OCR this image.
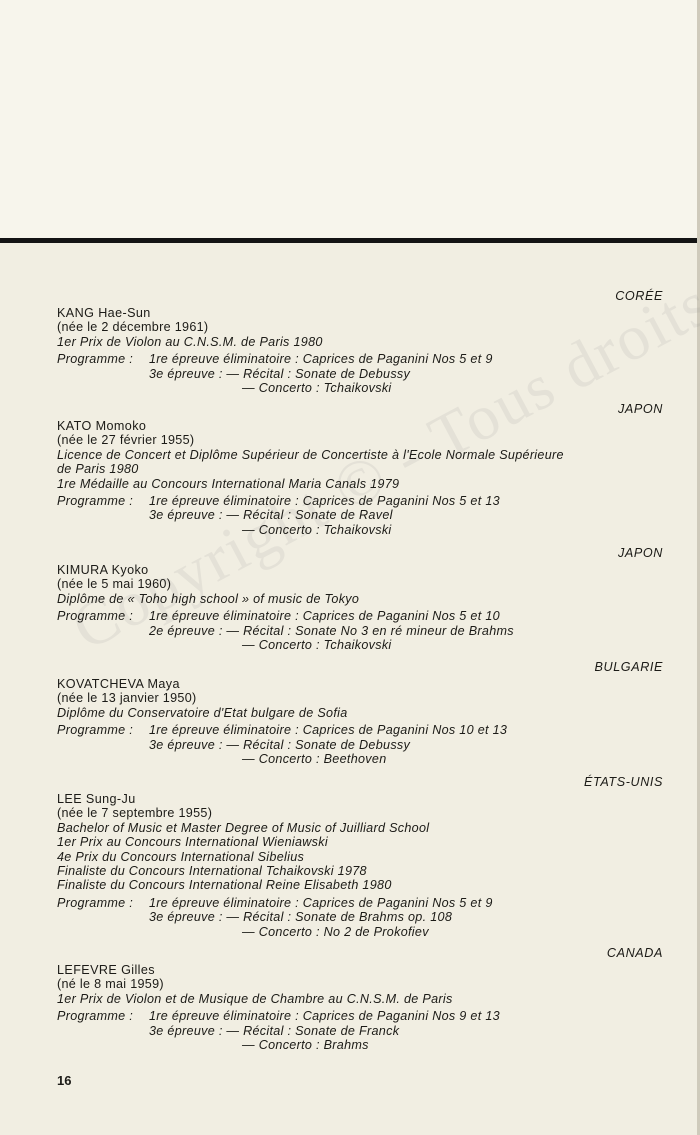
CORÉE
KANG Hae-Sun
(née le 2 décembre 1961)
1er Prix de Violon au C.N.S.M. de Paris 1980
Programme : 1re épreuve éliminatoire : Caprices de Paganini Nos 5 et 9
3e épreuve : — Récital : Sonate de Debussy
— Concerto : Tchaikovski
JAPON
KATO Momoko
(née le 27 février 1955)
Licence de Concert et Diplôme Supérieur de Concertiste à l'Ecole Normale Supérieure
de Paris 1980
1re Médaille au Concours International Maria Canals 1979
Programme : 1re épreuve éliminatoire : Caprices de Paganini Nos 5 et 13
3e épreuve : — Récital : Sonate de Ravel
— Concerto : Tchaikovski
JAPON
KIMURA Kyoko
(née le 5 mai 1960)
Diplôme de « Toho high school » of music de Tokyo
Programme : 1re épreuve éliminatoire : Caprices de Paganini Nos 5 et 10
2e épreuve : — Récital : Sonate No 3 en ré mineur de Brahms
— Concerto : Tchaikovski
BULGARIE
KOVATCHEVA Maya
(née le 13 janvier 1950)
Diplôme du Conservatoire d'Etat bulgare de Sofia
Programme : 1re épreuve éliminatoire : Caprices de Paganini Nos 10 et 13
3e épreuve : — Récital : Sonate de Debussy
— Concerto : Beethoven
ÉTATS-UNIS
LEE Sung-Ju
(née le 7 septembre 1955)
Bachelor of Music et Master Degree of Music of Juilliard School
1er Prix au Concours International Wieniawski
4e Prix du Concours International Sibelius
Finaliste du Concours International Tchaikovski 1978
Finaliste du Concours International Reine Elisabeth 1980
Programme : 1re épreuve éliminatoire : Caprices de Paganini Nos 5 et 9
3e épreuve : — Récital : Sonate de Brahms op. 108
— Concerto : No 2 de Prokofiev
CANADA
LEFEVRE Gilles
(né le 8 mai 1959)
1er Prix de Violon et de Musique de Chambre au C.N.S.M. de Paris
Programme : 1re épreuve éliminatoire : Caprices de Paganini Nos 9 et 13
3e épreuve : — Récital : Sonate de Franck
— Concerto : Brahms
16
